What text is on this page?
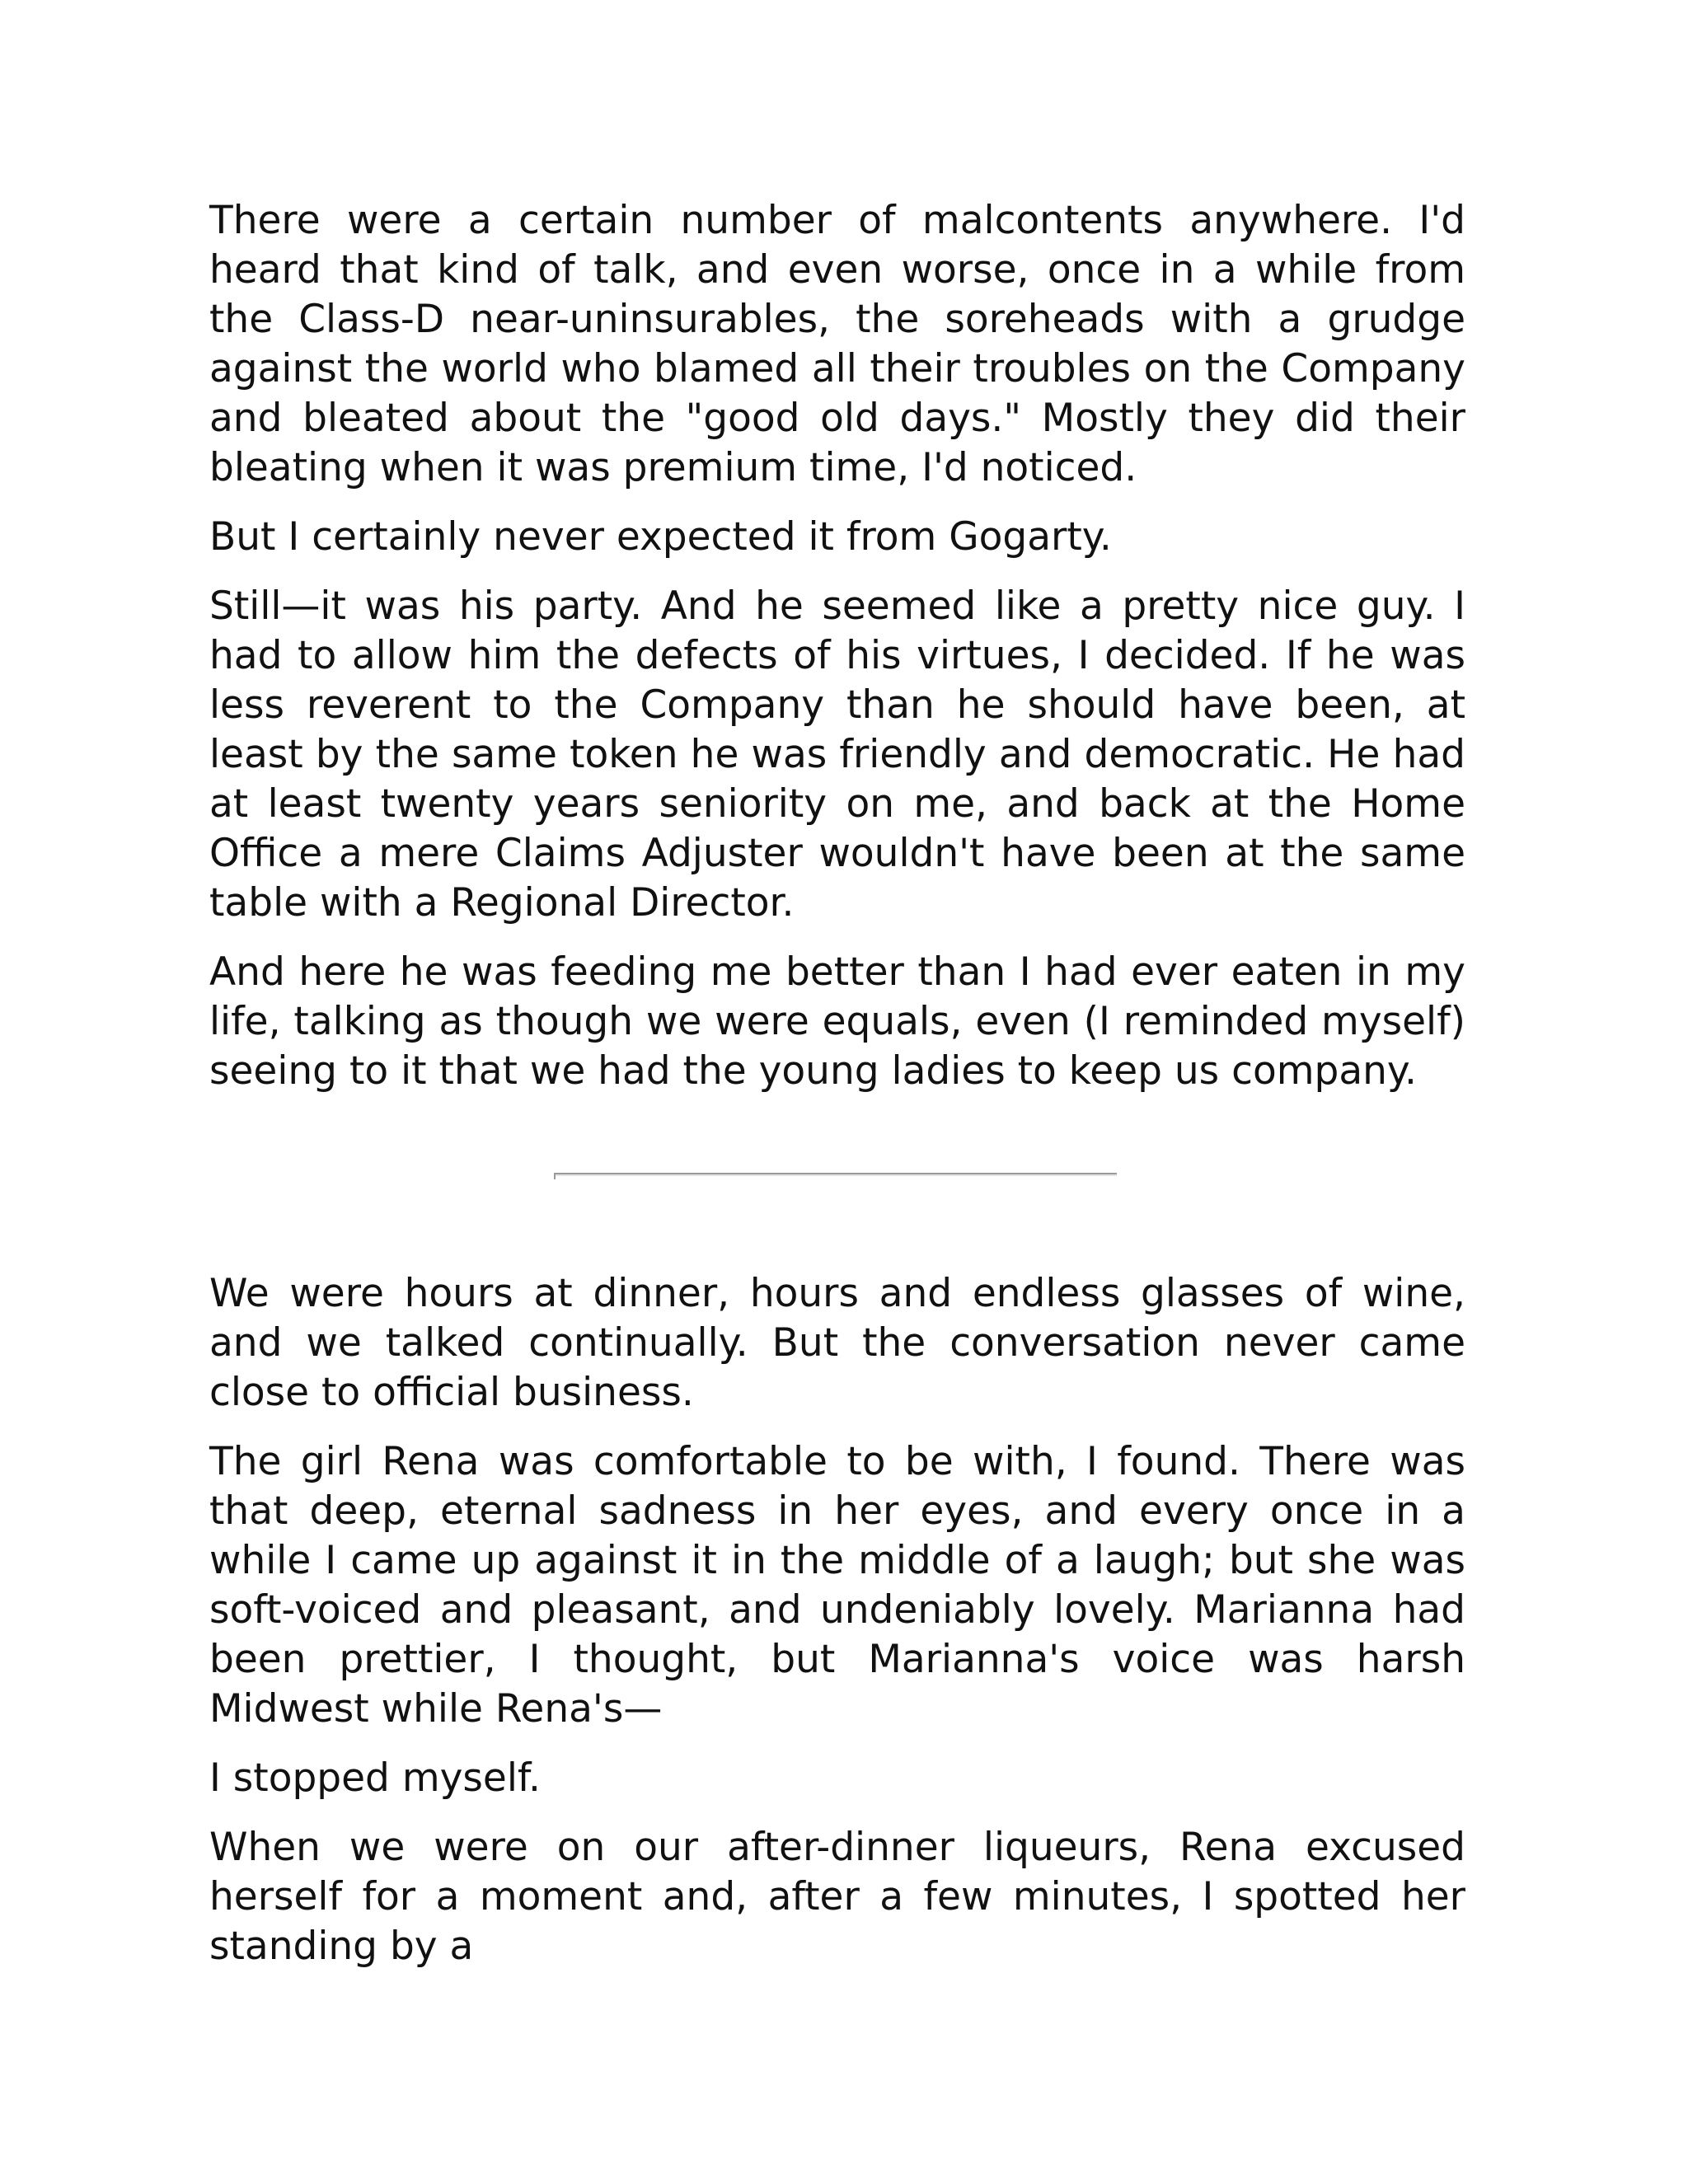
There were a certain number of malcontents anywhere. I'd heard that kind of talk, and even worse, once in a while from the Class-D near-uninsurables, the soreheads with a grudge against the world who blamed all their troubles on the Company and bleated about the "good old days." Mostly they did their bleating when it was premium time, I'd noticed.

But I certainly never expected it from Gogarty.

Still—it was his party. And he seemed like a pretty nice guy. I had to allow him the defects of his virtues, I decided. If he was less reverent to the Company than he should have been, at least by the same token he was friendly and democratic. He had at least twenty years seniority on me, and back at the Home Office a mere Claims Adjuster wouldn't have been at the same table with a Regional Director.

And here he was feeding me better than I had ever eaten in my life, talking as though we were equals, even (I reminded myself) seeing to it that we had the young ladies to keep us company.

We were hours at dinner, hours and endless glasses of wine, and we talked continually. But the conversation never came close to official business.

The girl Rena was comfortable to be with, I found. There was that deep, eternal sadness in her eyes, and every once in a while I came up against it in the middle of a laugh; but she was soft-voiced and pleasant, and undeniably lovely. Marianna had been prettier, I thought, but Marianna's voice was harsh Midwest while Rena's—

I stopped myself.

When we were on our after-dinner liqueurs, Rena excused herself for a moment and, after a few minutes, I spotted her standing by a
